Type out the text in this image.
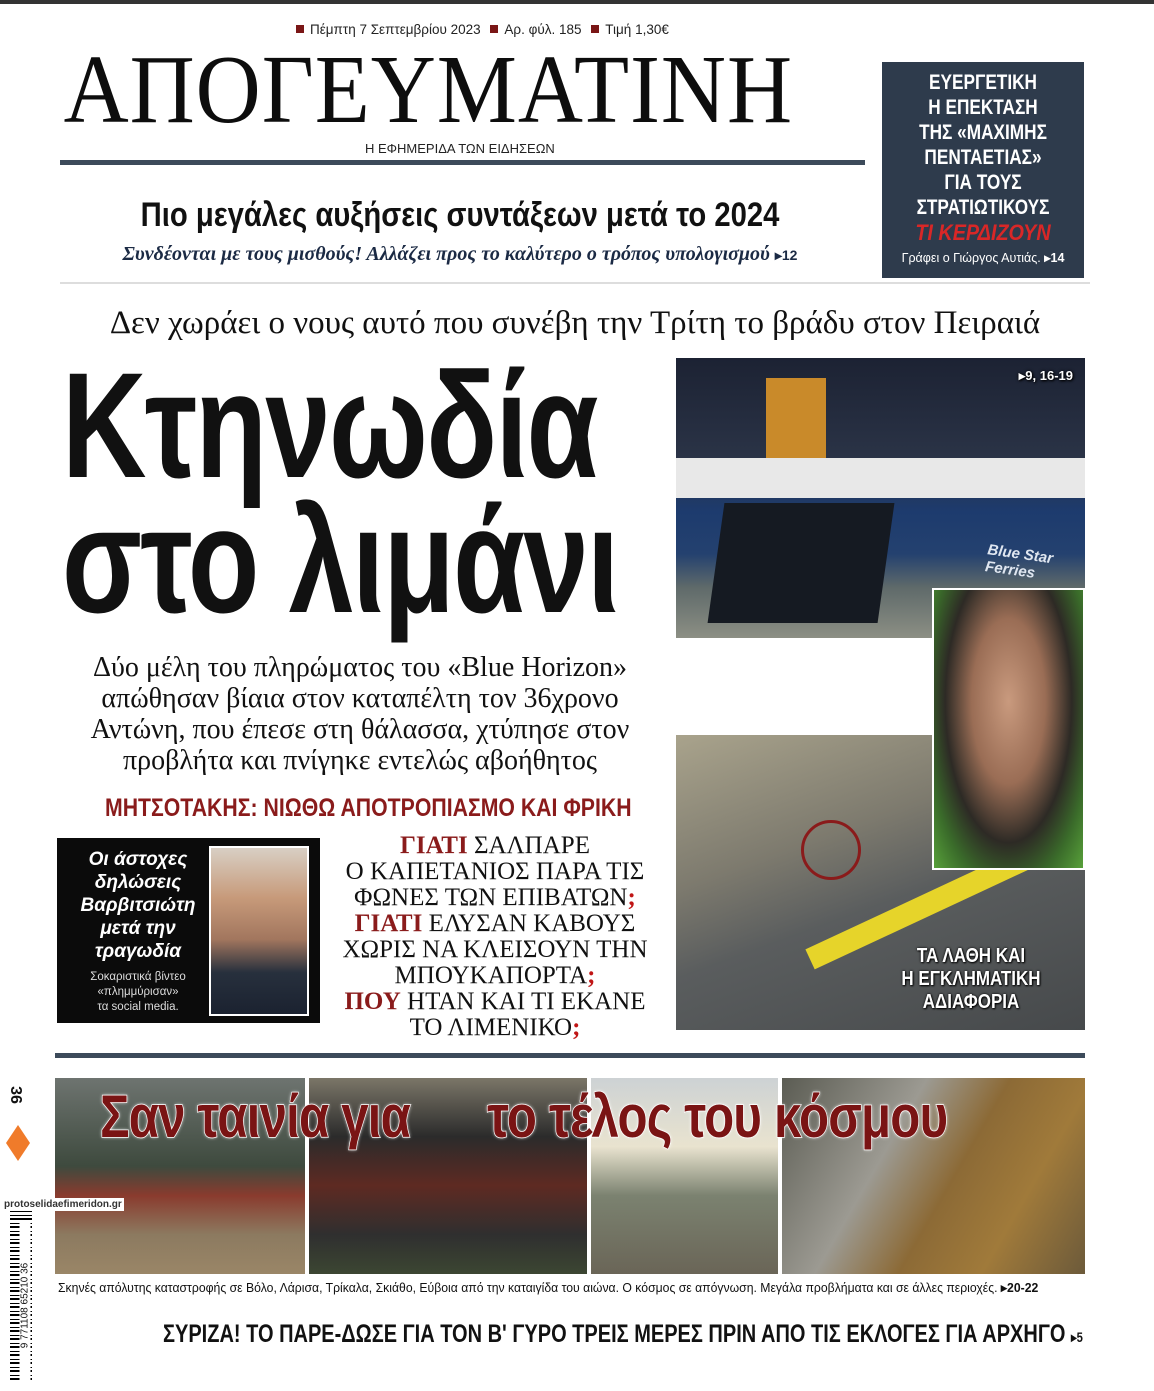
Πέμπτη 7 Σεπτεμβρίου 2023 Αρ. φύλ. 185 Τιμή 1,30€
ΑΠΟΓΕΥΜΑΤΙΝΗ
Η ΕΦΗΜΕΡΙΔΑ ΤΩΝ ΕΙΔΗΣΕΩΝ
ΕΥΕΡΓΕΤΙΚΗ
Η ΕΠΕΚΤΑΣΗ
ΤΗΣ «ΜΑΧΙΜΗΣ
ΠΕΝΤΑΕΤΙΑΣ»
ΓΙΑ ΤΟΥΣ
ΣΤΡΑΤΙΩΤΙΚΟΥΣ
ΤΙ ΚΕΡΔΙΖΟΥΝ
Γράφει ο Γιώργος Αυτιάς. ▸14
Πιο μεγάλες αυξήσεις συντάξεων μετά το 2024
Συνδέονται με τους μισθούς! Αλλάζει προς το καλύτερο ο τρόπος υπολογισμού ▸12
Δεν χωράει ο νους αυτό που συνέβη την Τρίτη το βράδυ στον Πειραιά
Blue Star Ferries
▸9, 16-19
ΤΑ ΛΑΘΗ ΚΑΙ
Η ΕΓΚΛΗΜΑΤΙΚΗ
ΑΔΙΑΦΟΡΙΑ
Κτηνωδία
στο λιμάνι
Δύο μέλη του πληρώματος του «Blue Horizon»
απώθησαν βίαια στον καταπέλτη τον 36χρονο
Αντώνη, που έπεσε στη θάλασσα, χτύπησε στον
προβλήτα και πνίγηκε εντελώς αβοήθητος
ΜΗΤΣΟΤΑΚΗΣ: ΝΙΩΘΩ ΑΠΟΤΡΟΠΙΑΣΜΟ ΚΑΙ ΦΡΙΚΗ
Οι άστοχες
δηλώσεις
Βαρβιτσιώτη
μετά την
τραγωδία
Σοκαριστικά βίντεο
«πλημμύρισαν»
τα social media.
ΓΙΑΤΙ ΣΑΛΠΑΡΕ
Ο ΚΑΠΕΤΑΝΙΟΣ ΠΑΡΑ ΤΙΣ
ΦΩΝΕΣ ΤΩΝ ΕΠΙΒΑΤΩΝ;
ΓΙΑΤΙ ΕΛΥΣΑΝ ΚΑΒΟΥΣ
ΧΩΡΙΣ ΝΑ ΚΛΕΙΣΟΥΝ ΤΗΝ
ΜΠΟΥΚΑΠΟΡΤΑ;
ΠΟΥ ΗΤΑΝ ΚΑΙ ΤΙ ΕΚΑΝΕ
ΤΟ ΛΙΜΕΝΙΚΟ;
Σαν ταινία για το τέλος του κόσμου
Σκηνές απόλυτης καταστροφής σε Βόλο, Λάρισα, Τρίκαλα, Σκιάθο, Εύβοια από την καταιγίδα του αιώνα. Ο κόσμος σε απόγνωση. Μεγάλα προβλήματα και σε άλλες περιοχές. ▸20-22
ΣΥΡΙΖΑ! ΤΟ ΠΑΡΕ-ΔΩΣΕ ΓΙΑ ΤΟΝ Β' ΓΥΡΟ ΤΡΕΙΣ ΜΕΡΕΣ ΠΡΙΝ ΑΠΟ ΤΙΣ ΕΚΛΟΓΕΣ ΓΙΑ ΑΡΧΗΓΟ ▸5
36
9 771108 65210 36
protoselidaefimeridon.gr
